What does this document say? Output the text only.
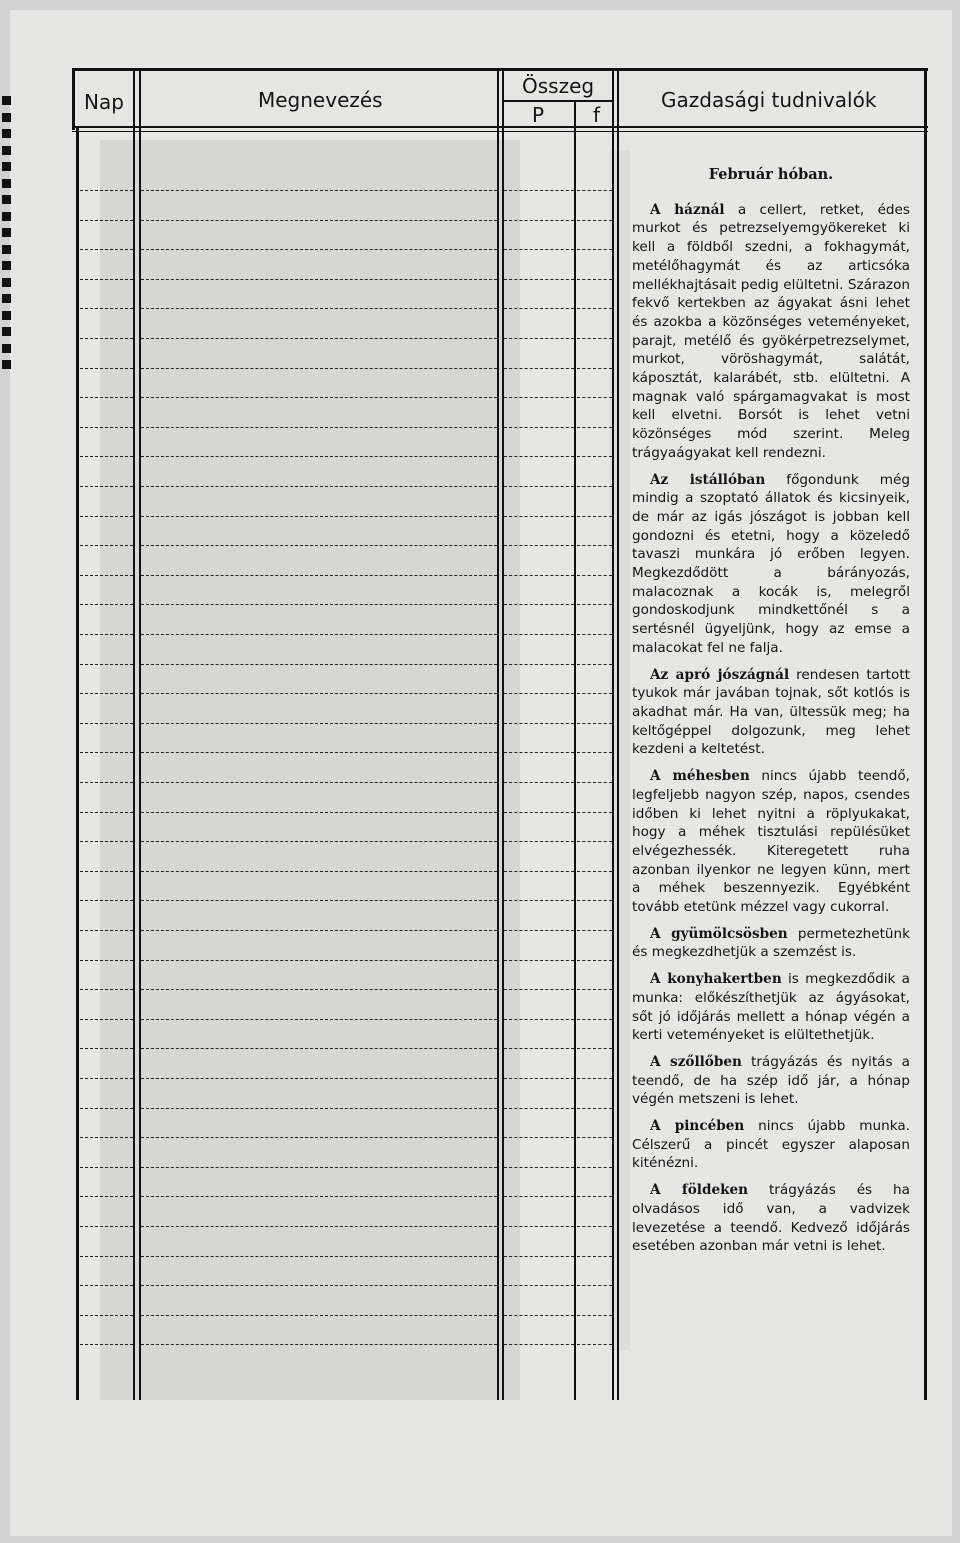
Nap	Megnevezés
Összeg
P f
Gazdasági tudnivalók
Február hóban.

A háznál a cellert, retket, édes murkot és petrezselyemgyökereket ki kell a földből szedni, a fokhagymát, metélőhagymát és az articsóka mellékhajtásait pedig elültetni. Szárazon fekvő kertekben az ágyakat ásni lehet és azokba a közönséges veteményeket, parajt, metélő és gyökérpetrezselymet, murkot, vöröshagymát, salátát, káposztát, kalarábét, stb. elültetni. A magnak való spárgamagvakat is most kell elvetni. Borsót is lehet vetni közönséges mód szerint. Meleg trágyaágyakat kell rendezni.

Az istállóban főgondunk még mindig a szoptató állatok és kicsinyeik, de már az igás jószágot is jobban kell gondozni és etetni, hogy a közeledő tavaszi munkára jó erőben legyen. Megkezdődött a bárányozás, malacoznak a kocák is, melegről gondoskodjunk mindkettőnél s a sertésnél ügyeljünk, hogy az emse a malacokat fel ne falja.

Az apró jószágnál rendesen tartott tyukok már javában tojnak, sőt kotlós is akadhat már. Ha van, ültessük meg; ha keltőgéppel dolgozunk, meg lehet kezdeni a keltetést.

A méhesben nincs újabb teendő, legfeljebb nagyon szép, napos, csendes időben ki lehet nyitni a röplyukakat, hogy a méhek tisztulási repülésüket elvégezhessék. Kiteregetett ruha azonban ilyenkor ne legyen künn, mert a méhek beszennyezik. Egyébként tovább etetünk mézzel vagy cukorral.

A gyümölcsösben permetezhetünk és megkezdhetjük a szemzést is.

A konyhakertben is megkezdődik a munka: előkészíthetjük az ágyásokat, sőt jó időjárás mellett a hónap végén a kerti veteményeket is elültethetjük.

A szőllőben trágyázás és nyitás a teendő, de ha szép idő jár, a hónap végén metszeni is lehet.

A pincében nincs újabb munka. Célszerű a pincét egyszer alaposan kiténézni.

A földeken trágyázás és ha olvadásos idő van, a vadvizek levezetése a teendő. Kedvező időjárás esetében azonban már vetni is lehet.
